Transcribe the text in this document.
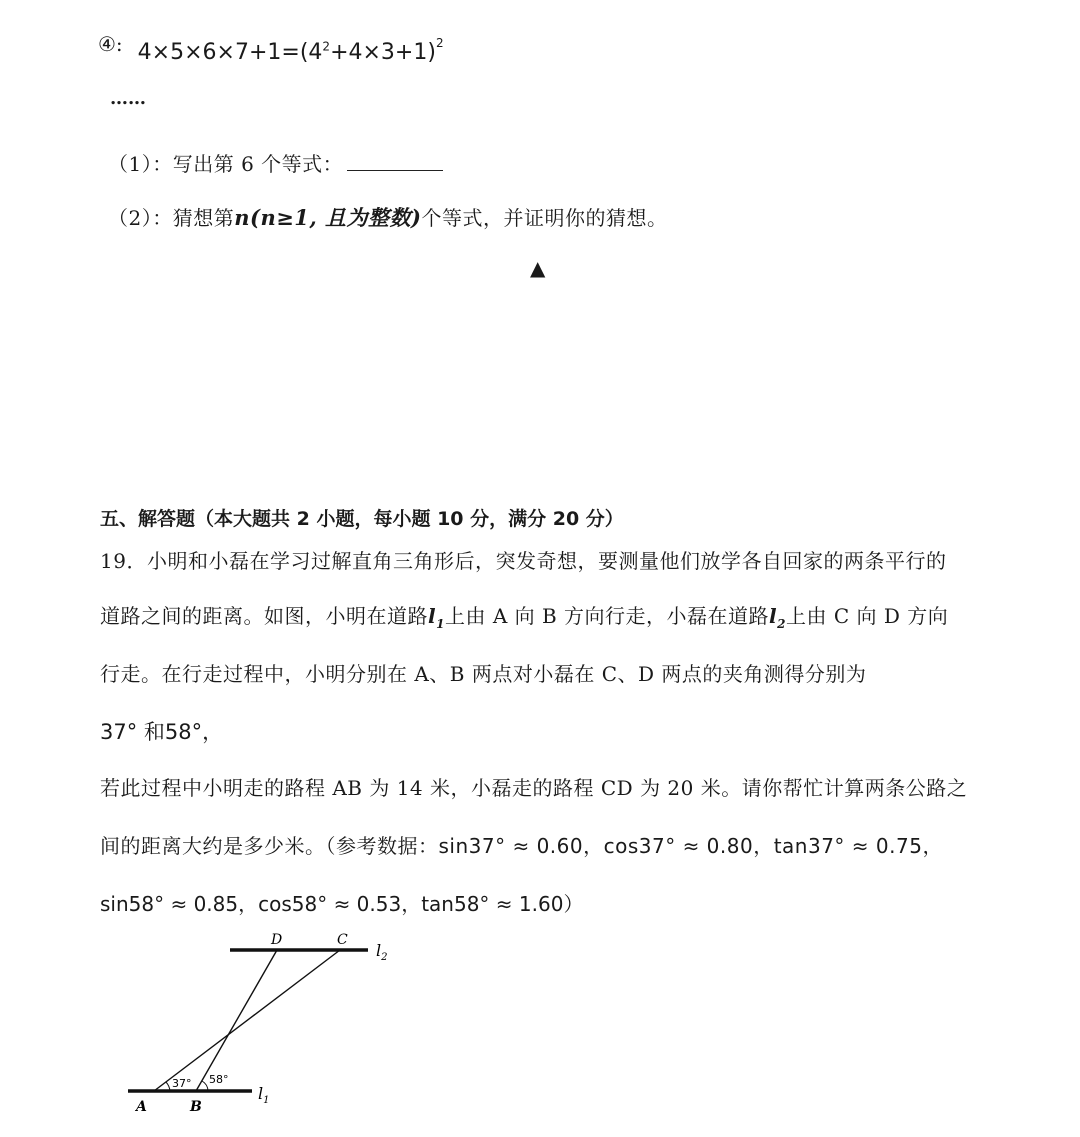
④: $4\times 5\times 6\times 7+1=(4^2+4\times 3+1)^2$
……
（1）：写出第 6 个等式：
（2）：猜想第n(n≥1, 且为整数)个等式，并证明你的猜想。
▲
五、解答题（本大题共 2 小题，每小题 10 分，满分 20 分）
19．小明和小磊在学习过解直角三角形后，突发奇想，要测量他们放学各自回家的两条平行的
道路之间的距离。如图，小明在道路$l_1$上由 A 向 B 方向行走，小磊在道路$l_2$上由 C 向 D 方向
行走。在行走过程中，小明分别在 A、B 两点对小磊在 C、D 两点的夹角测得分别为
37° 和58°，
若此过程中小明走的路程 AB 为 14 米，小磊走的路程 CD 为 20 米。请你帮忙计算两条公路之
间的距离大约是多少米。（参考数据：sin37° ≈ 0.60，cos37° ≈ 0.80，tan37° ≈ 0.75，
sin58° ≈ 0.85，cos58° ≈ 0.53，tan58° ≈ 1.60）
D	C
A	B
37° 58°
$l_1$
$l_2$
